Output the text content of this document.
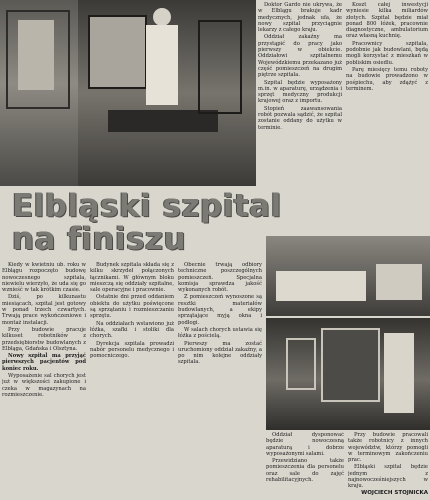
Doktor Gardo nie ukrywa, że w Elblągu brakuje kadr medycznych, jednak ufa, że nowy szpital przyciągnie lekarzy z całego kraju.

Oddział zakaźny ma przystąpić do pracy jako pierwszy w obiekcie. Oddziałowi szpitalnemu Wojewódzkiemu przekazano już część pomieszczeń na drugim piętrze szpitala.

Szpital będzie wyposażony m.in. w aparaturę, urządzenia i sprzęt medyczny produkcji krajowej oraz z importu.

Stopień zaawansowania robót pozwala sądzić, że szpital zostanie oddany do użytku w terminie.

Koszt całej inwestycji wyniesie kilka miliardów złotych. Szpital będzie miał ponad 800 łóżek, pracownie diagnostyczne, ambulatorium oraz własną kuchnię.

Pracownicy szpitala, podobnie jak budowlani, będą mogli korzystać z mieszkań w pobliskim osiedlu.

Parę miesięcy temu roboty na budowie prowadzono w pośpiechu, aby zdążyć z terminem.

Elbląski szpital
na finiszu

Kiedy w kwietniu ub. roku w Elblągu rozpoczęto budowę nowoczesnego szpitala, niewielu wierzyło, że uda się go wznieść w tak krótkim czasie.

Dziś, po kilkunastu miesiącach, szpital jest gotowy w ponad trzech czwartych. Trwają prace wykończeniowe i montaż instalacji.

Przy budowie pracuje kilkuset robotników z przedsiębiorstw budowlanych z Elbląga, Gdańska i Olsztyna.

Nowy szpital ma przyjąć pierwszych pacjentów pod koniec roku.

Wyposażenie sal chorych jest już w większości zakupione i czeka w magazynach na rozmieszczenie.

Budynek szpitala składa się z kilku skrzydeł połączonych łącznikami. W głównym bloku mieszczą się oddziały szpitalne, sale operacyjne i pracownie.

Ostatnie dni przed oddaniem obiektu do użytku poświęcone są sprzątaniu i rozmieszczaniu sprzętu.

Na oddziałach wstawiono już łóżka, szafki i stoliki dla chorych.

Dyrekcja szpitala prowadzi nabór personelu medycznego i pomocniczego.

Obecnie trwają odbiory techniczne poszczególnych pomieszczeń. Specjalna komisja sprawdza jakość wykonanych robót.

Z pomieszczeń wynoszone są resztki materiałów budowlanych, a ekipy sprzątające myją okna i podłogi.

W salach chorych ustawia się łóżka z pościelą.

Pierwszy ma zostać uruchomiony oddział zakaźny, a po nim kolejne oddziały szpitala.

Oddział dysponować będzie nowoczesną aparaturą i dobrze wyposażonymi salami.

Przewidziano także pomieszczenia dla personelu oraz sale do zajęć rehabilitacyjnych.

Przy budowie pracowali także robotnicy z innych województw, którzy pomogli w terminowym zakończeniu prac.

Elbląski szpital będzie jednym z najnowocześniejszych w kraju.

WOJCIECH STOJNICKA
